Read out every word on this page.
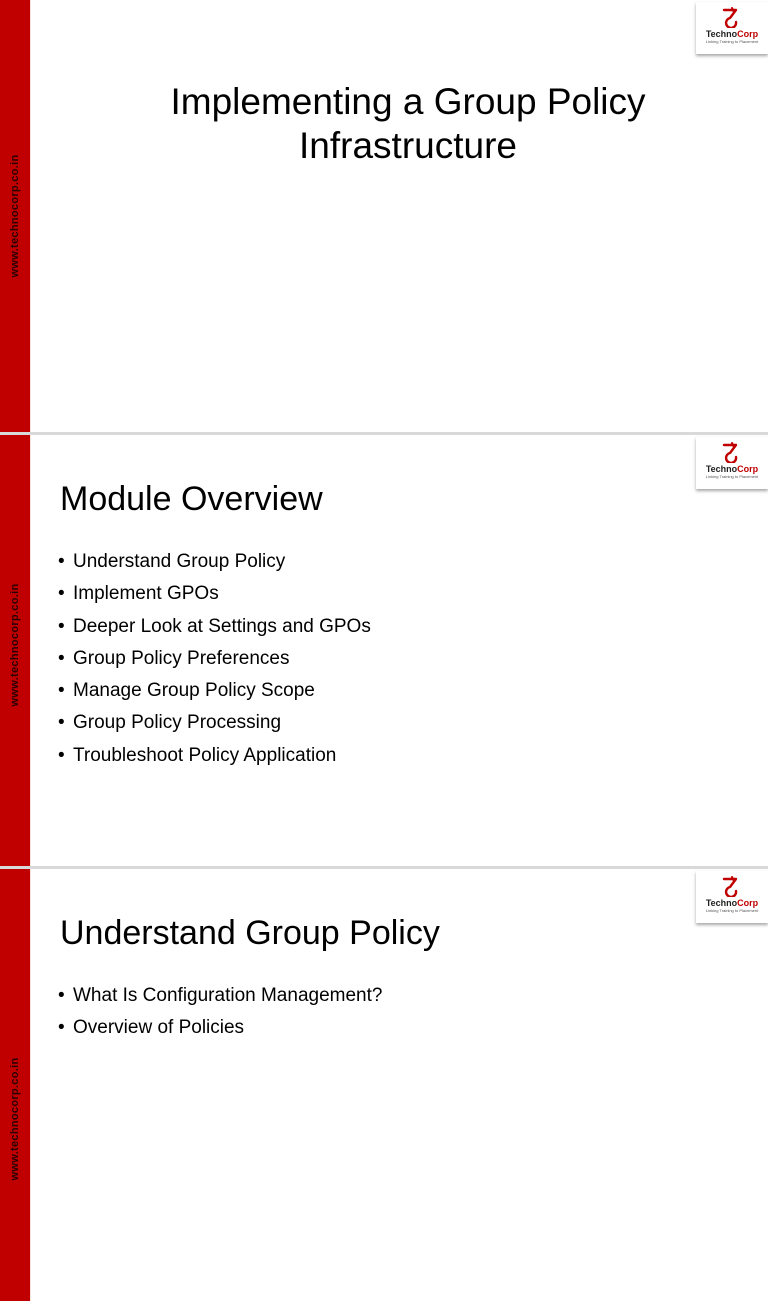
www.technocorp.co.in
TechnoCorp
Linking Training to Placement
Implementing a Group Policy Infrastructure
www.technocorp.co.in
TechnoCorp
Linking Training to Placement
Module Overview
• Understand Group Policy
• Implement GPOs
• Deeper Look at Settings and GPOs
• Group Policy Preferences
• Manage Group Policy Scope
• Group Policy Processing
• Troubleshoot Policy Application
www.technocorp.co.in
TechnoCorp
Linking Training to Placement
Understand Group Policy
• What Is Configuration Management?
• Overview of Policies
